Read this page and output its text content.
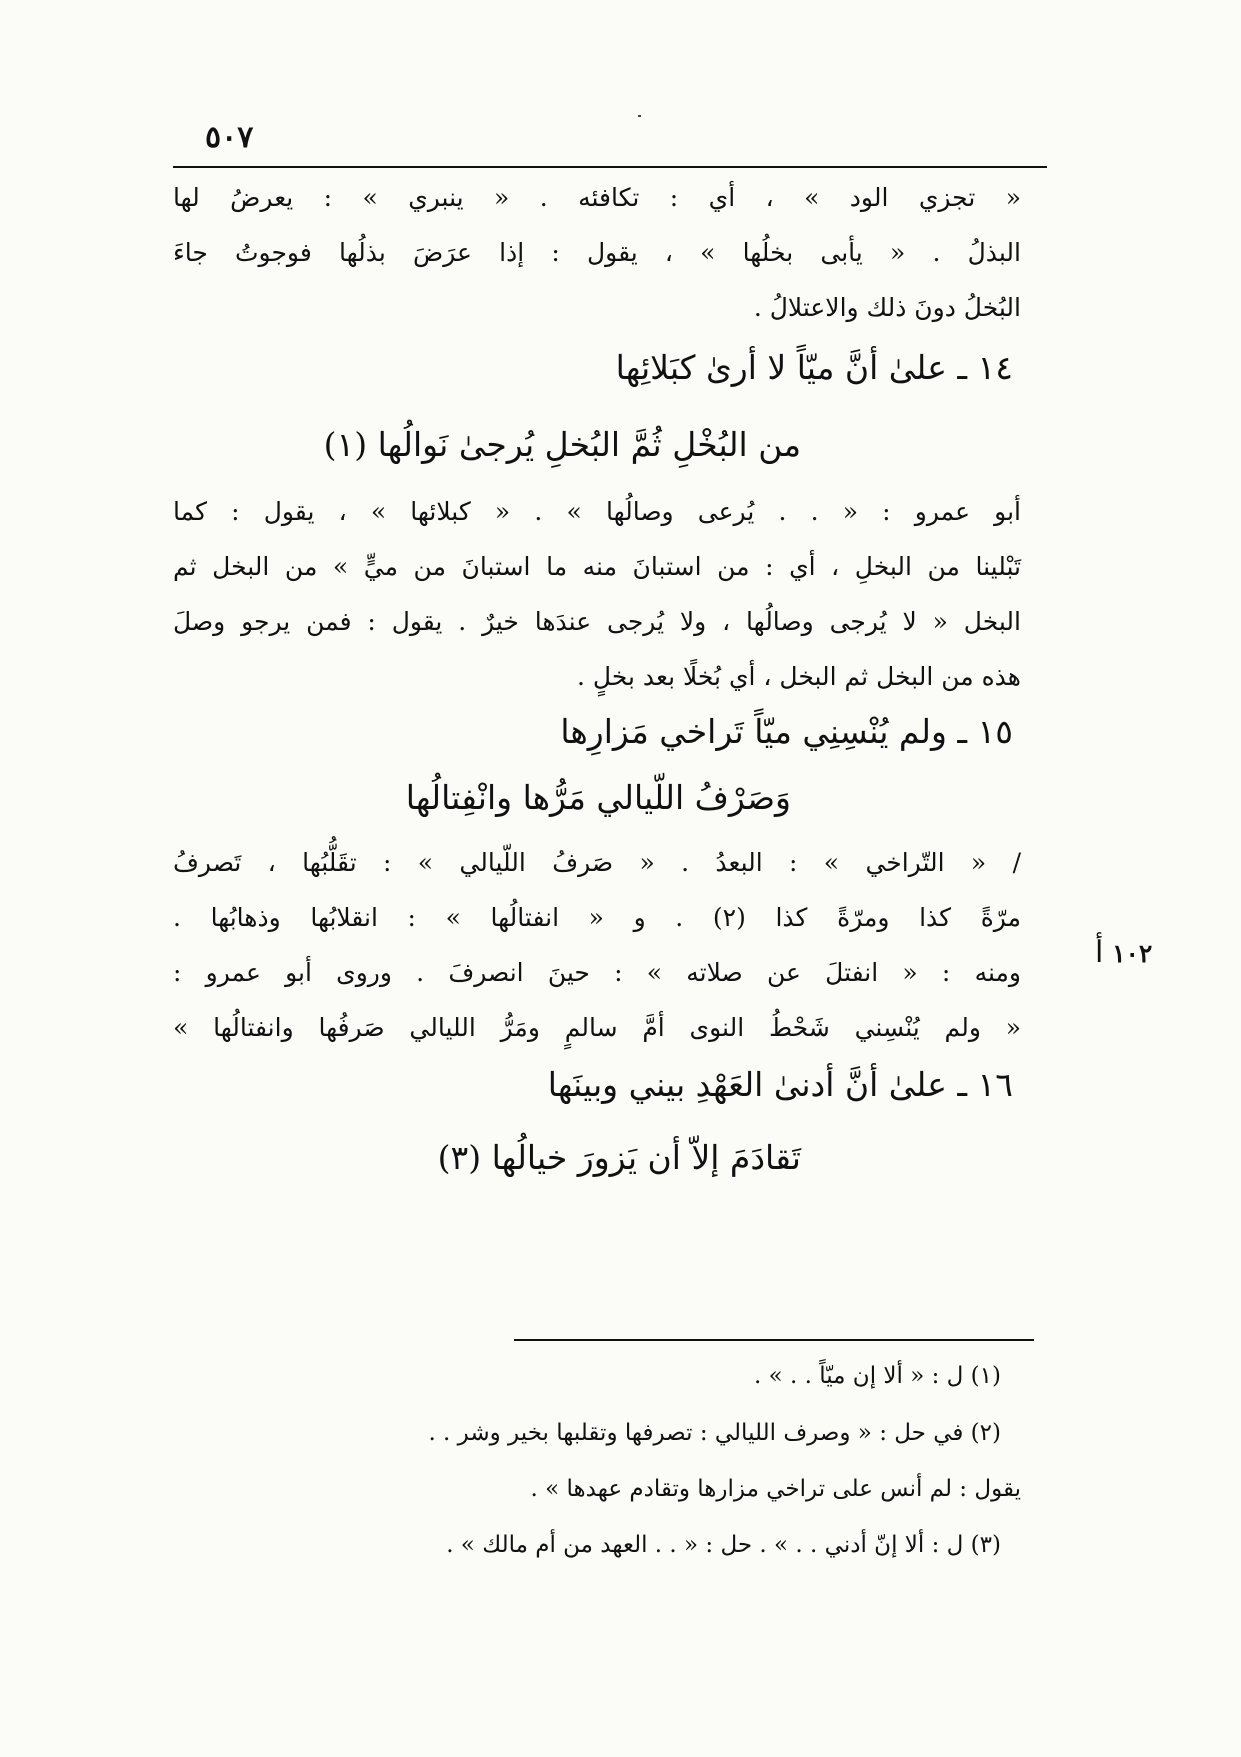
٥٠٧
١٠٢ أ
« تجزي الود » ، أي : تكافئه . « ينبري » : يعرضُ لها
البذلُ . « يأبى بخلُها » ، يقول : إذا عرَضَ بذلُها فوجوتُ جاءَ
البُخلُ دونَ ذلك والاعتلالُ .
١٤ ـ علىٰ أنَّ ميّاً لا أرىٰ كبَلائِها
من البُخْلِ ثُمَّ البُخلِ يُرجىٰ نَوالُها (١)
أبو عمرو : « . . يُرعى وصالُها » . « كبلائها » ، يقول : كما
تَبْلينا من البخلِ ، أي : من استبانَ منه ما استبانَ من ميٍّ » من البخل ثم
البخل « لا يُرجى وصالُها ، ولا يُرجى عندَها خيرٌ . يقول : فمن يرجو وصلَ
هذه من البخل ثم البخل ، أي بُخلًا بعد بخلٍ .
١٥ ـ ولم يُنْسِنِي ميّاً تَراخي مَزارِها
وَصَرْفُ اللّيالي مَرُّها وانْفِتالُها
/ « التّراخي » : البعدُ . « صَرفُ اللّيالي » : تقَلُّبُها ، تَصرفُ
مرّةً كذا ومرّةً كذا (٢) . و « انفتالُها » : انقلابُها وذهابُها .
ومنه : « انفتلَ عن صلاته » : حينَ انصرفَ . وروى أبو عمرو :
« ولم يُنْسِني شَحْطُ النوى أمَّ سالمٍ ومَرُّ الليالي صَرفُها وانفتالُها »
١٦ ـ علىٰ أنَّ أدنىٰ العَهْدِ بيني وبينَها
تَقادَمَ إلاّ أن يَزورَ خيالُها (٣)
(١) ل : « ألا إن ميّاً . . » .
(٢) في حل : « وصرف الليالي : تصرفها وتقلبها بخير وشر . .
يقول : لم أنس على تراخي مزارها وتقادم عهدها » .
(٣) ل : ألا إنّ أدني . . » . حل : « . . العهد من أم مالك » .
